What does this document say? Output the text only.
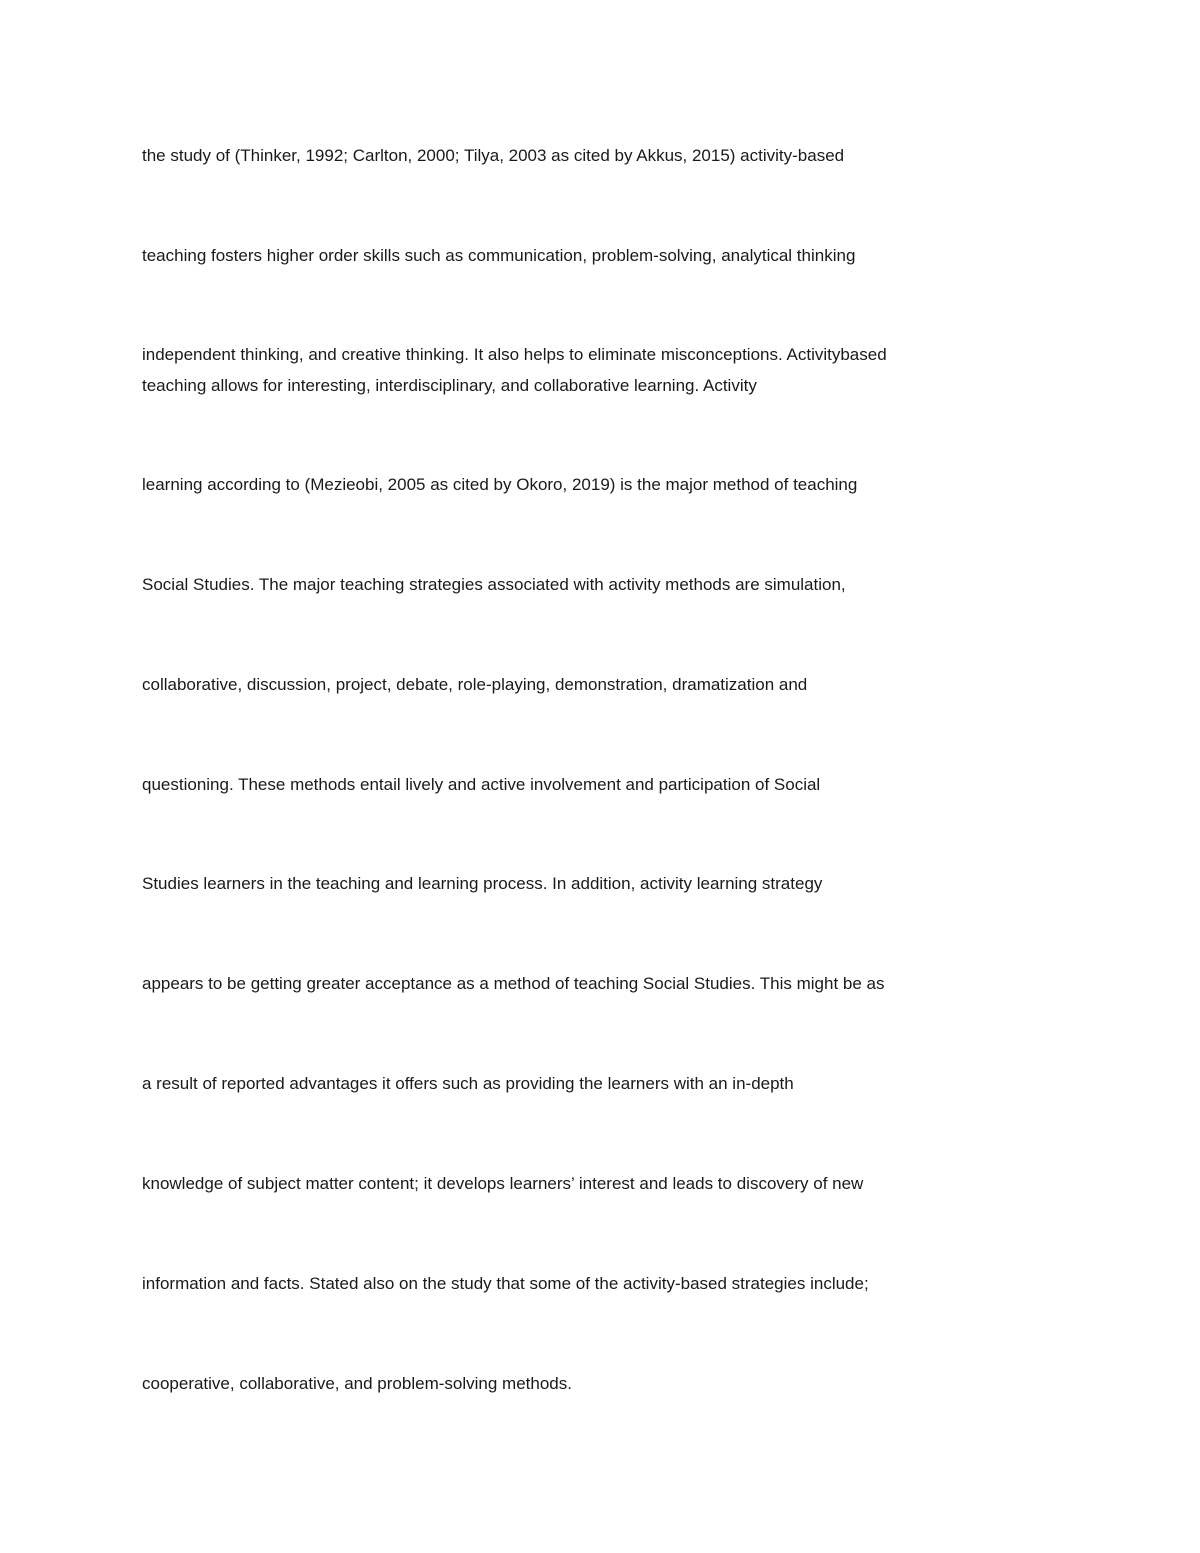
the study of (Thinker, 1992; Carlton, 2000; Tilya, 2003 as cited by Akkus, 2015) activity-based

teaching fosters higher order skills such as communication, problem-solving, analytical thinking

independent thinking, and creative thinking. It also helps to eliminate misconceptions. Activitybased

teaching allows for interesting, interdisciplinary, and collaborative learning. Activity

learning according to (Mezieobi, 2005 as cited by Okoro, 2019) is the major method of teaching

Social Studies. The major teaching strategies associated with activity methods are simulation,

collaborative, discussion, project, debate, role-playing, demonstration, dramatization and

questioning. These methods entail lively and active involvement and participation of Social

Studies learners in the teaching and learning process. In addition, activity learning strategy

appears to be getting greater acceptance as a method of teaching Social Studies. This might be as

a result of reported advantages it offers such as providing the learners with an in-depth

knowledge of subject matter content; it develops learners’ interest and leads to discovery of new

information and facts. Stated also on the study that some of the activity-based strategies include;

cooperative, collaborative, and problem-solving methods.
